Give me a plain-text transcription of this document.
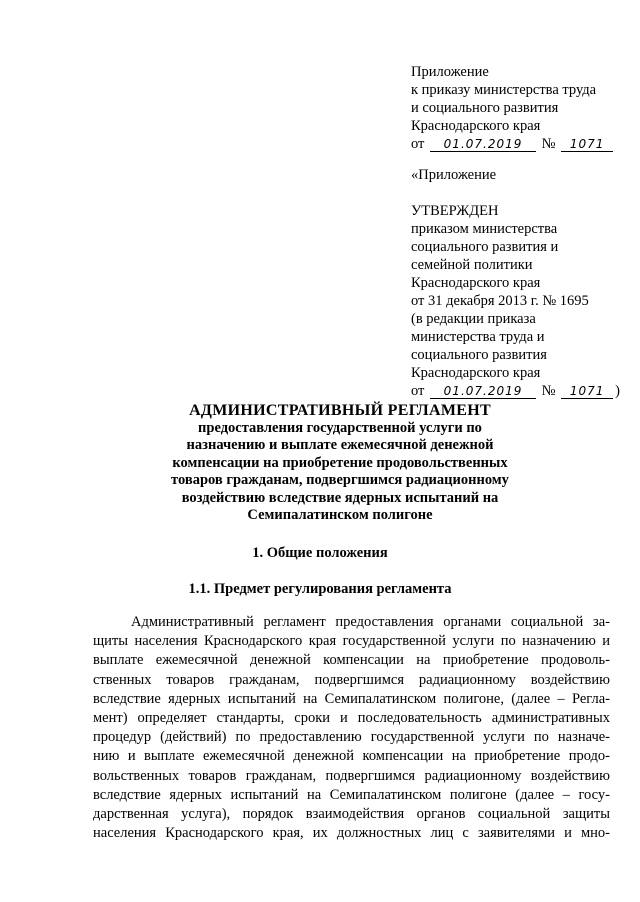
Приложение
к приказу министерства труда
и социального развития
Краснодарского края
от 01.07.2019 № 1071
«Приложение
УТВЕРЖДЕН
приказом министерства
социального развития и
семейной политики
Краснодарского края
от 31 декабря 2013 г. № 1695
(в редакции приказа
министерства труда и
социального развития
Краснодарского края
от 01.07.2019 № 1071 )
АДМИНИСТРАТИВНЫЙ РЕГЛАМЕНТ
предоставления государственной услуги по
назначению и выплате ежемесячной денежной
компенсации на приобретение продовольственных
товаров гражданам, подвергшимся радиационному
воздействию вследствие ядерных испытаний на
Семипалатинском полигоне
1. Общие положения
1.1. Предмет регулирования регламента
Административный регламент предоставления органами социальной за-
щиты населения Краснодарского края государственной услуги по назначению и
выплате ежемесячной денежной компенсации на приобретение продоволь-
ственных товаров гражданам, подвергшимся радиационному воздействию
вследствие ядерных испытаний на Семипалатинском полигоне, (далее – Регла-
мент) определяет стандарты, сроки и последовательность административных
процедур (действий) по предоставлению государственной услуги по назначе-
нию и выплате ежемесячной денежной компенсации на приобретение продо-
вольственных товаров гражданам, подвергшимся радиационному воздействию
вследствие ядерных испытаний на Семипалатинском полигоне (далее – госу-
дарственная услуга), порядок взаимодействия органов социальной защиты
населения Краснодарского края, их должностных лиц с заявителями и мно-
